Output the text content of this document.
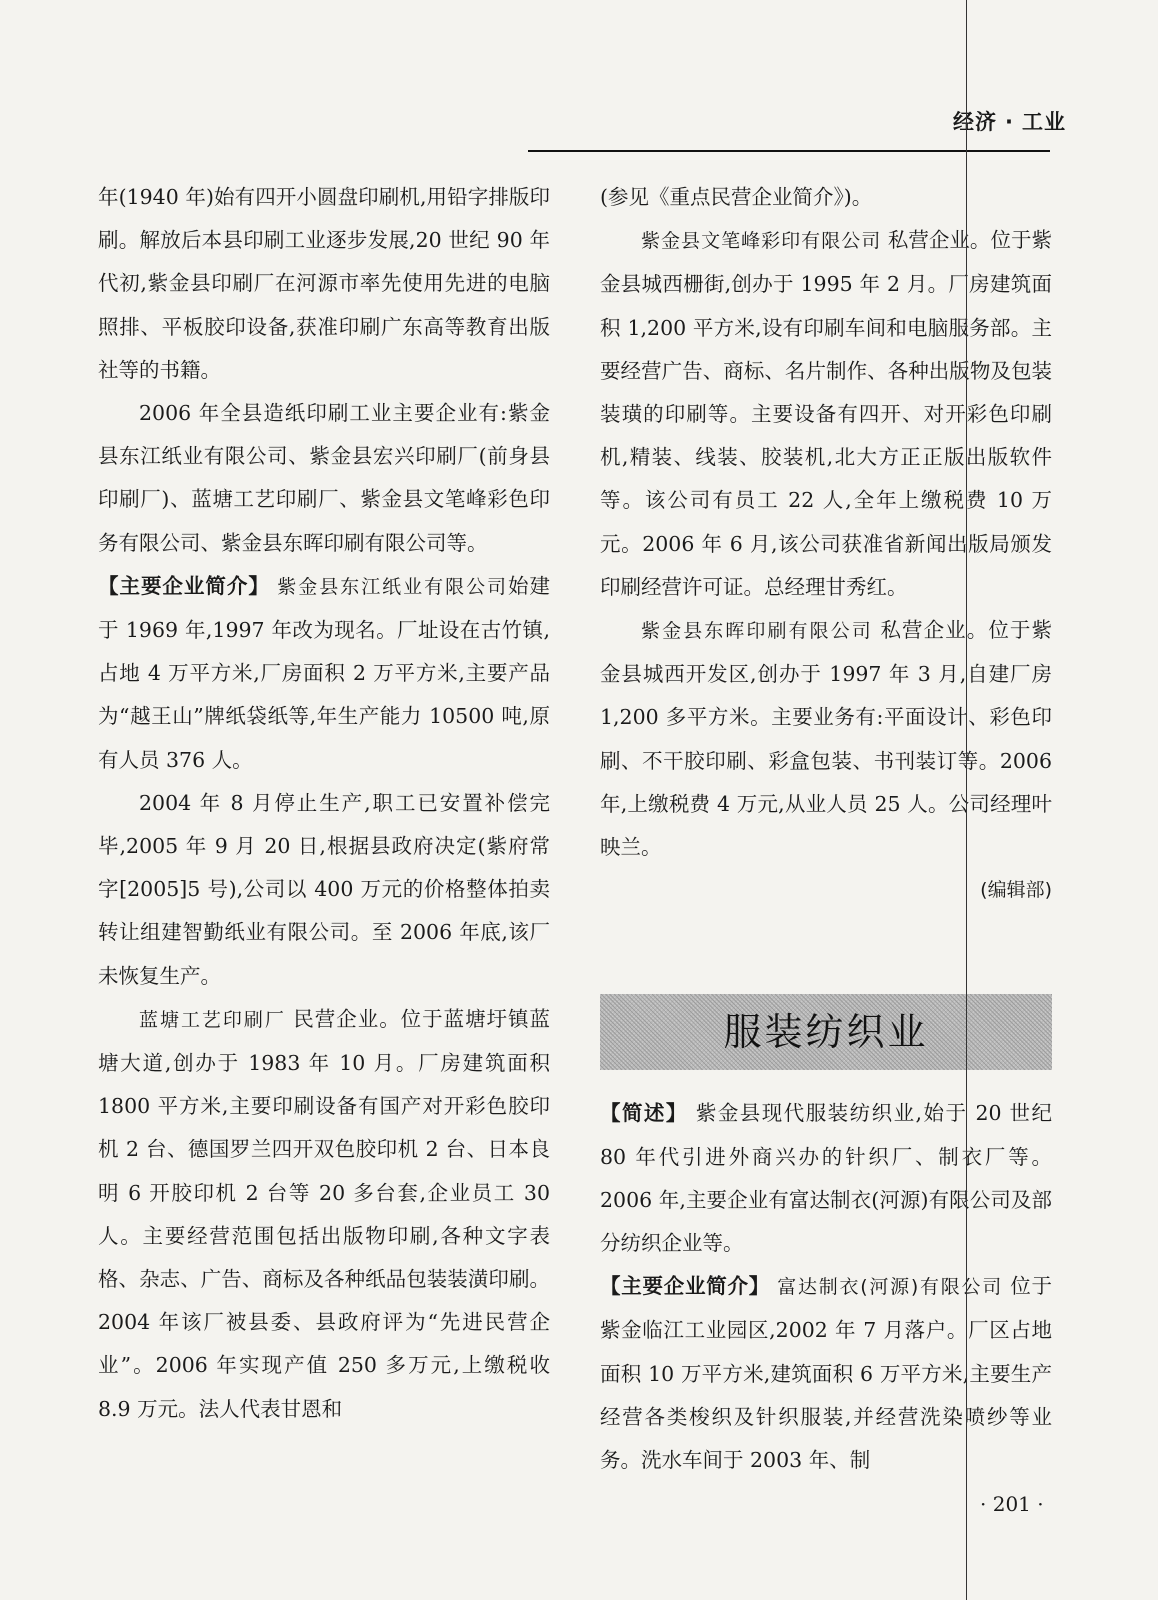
经济 · 工业

年(1940 年)始有四开小圆盘印刷机,用铅字排版印刷。解放后本县印刷工业逐步发展,20 世纪 90 年代初,紫金县印刷厂在河源市率先使用先进的电脑照排、平板胶印设备,获准印刷广东高等教育出版社等的书籍。

2006 年全县造纸印刷工业主要企业有:紫金县东江纸业有限公司、紫金县宏兴印刷厂(前身县印刷厂)、蓝塘工艺印刷厂、紫金县文笔峰彩色印务有限公司、紫金县东晖印刷有限公司等。

【主要企业简介】 紫金县东江纸业有限公司始建于 1969 年,1997 年改为现名。厂址设在古竹镇,占地 4 万平方米,厂房面积 2 万平方米,主要产品为“越王山”牌纸袋纸等,年生产能力 10500 吨,原有人员 376 人。

2004 年 8 月停止生产,职工已安置补偿完毕,2005 年 9 月 20 日,根据县政府决定(紫府常字[2005]5 号),公司以 400 万元的价格整体拍卖转让组建智勤纸业有限公司。至 2006 年底,该厂未恢复生产。

蓝塘工艺印刷厂 民营企业。位于蓝塘圩镇蓝塘大道,创办于 1983 年 10 月。厂房建筑面积 1800 平方米,主要印刷设备有国产对开彩色胶印机 2 台、德国罗兰四开双色胶印机 2 台、日本良明 6 开胶印机 2 台等 20 多台套,企业员工 30 人。主要经营范围包括出版物印刷,各种文字表格、杂志、广告、商标及各种纸品包装装潢印刷。2004 年该厂被县委、县政府评为“先进民营企业”。2006 年实现产值 250 多万元,上缴税收 8.9 万元。法人代表甘恩和

(参见《重点民营企业简介》)。

紫金县文笔峰彩印有限公司 私营企业。位于紫金县城西栅街,创办于 1995 年 2 月。厂房建筑面积 1,200 平方米,设有印刷车间和电脑服务部。主要经营广告、商标、名片制作、各种出版物及包装装璜的印刷等。主要设备有四开、对开彩色印刷机,精装、线装、胶装机,北大方正正版出版软件等。该公司有员工 22 人,全年上缴税费 10 万元。2006 年 6 月,该公司获准省新闻出版局颁发印刷经营许可证。总经理甘秀红。

紫金县东晖印刷有限公司 私营企业。位于紫金县城西开发区,创办于 1997 年 3 月,自建厂房 1,200 多平方米。主要业务有:平面设计、彩色印刷、不干胶印刷、彩盒包装、书刊装订等。2006 年,上缴税费 4 万元,从业人员 25 人。公司经理叶映兰。

(编辑部)

服装纺织业

【简述】 紫金县现代服装纺织业,始于 20 世纪 80 年代引进外商兴办的针织厂、制衣厂等。2006 年,主要企业有富达制衣(河源)有限公司及部分纺织企业等。

【主要企业简介】 富达制衣(河源)有限公司 位于紫金临江工业园区,2002 年 7 月落户。厂区占地面积 10 万平方米,建筑面积 6 万平方米,主要生产经营各类梭织及针织服装,并经营洗染喷纱等业务。洗水车间于 2003 年、制

· 201 ·
